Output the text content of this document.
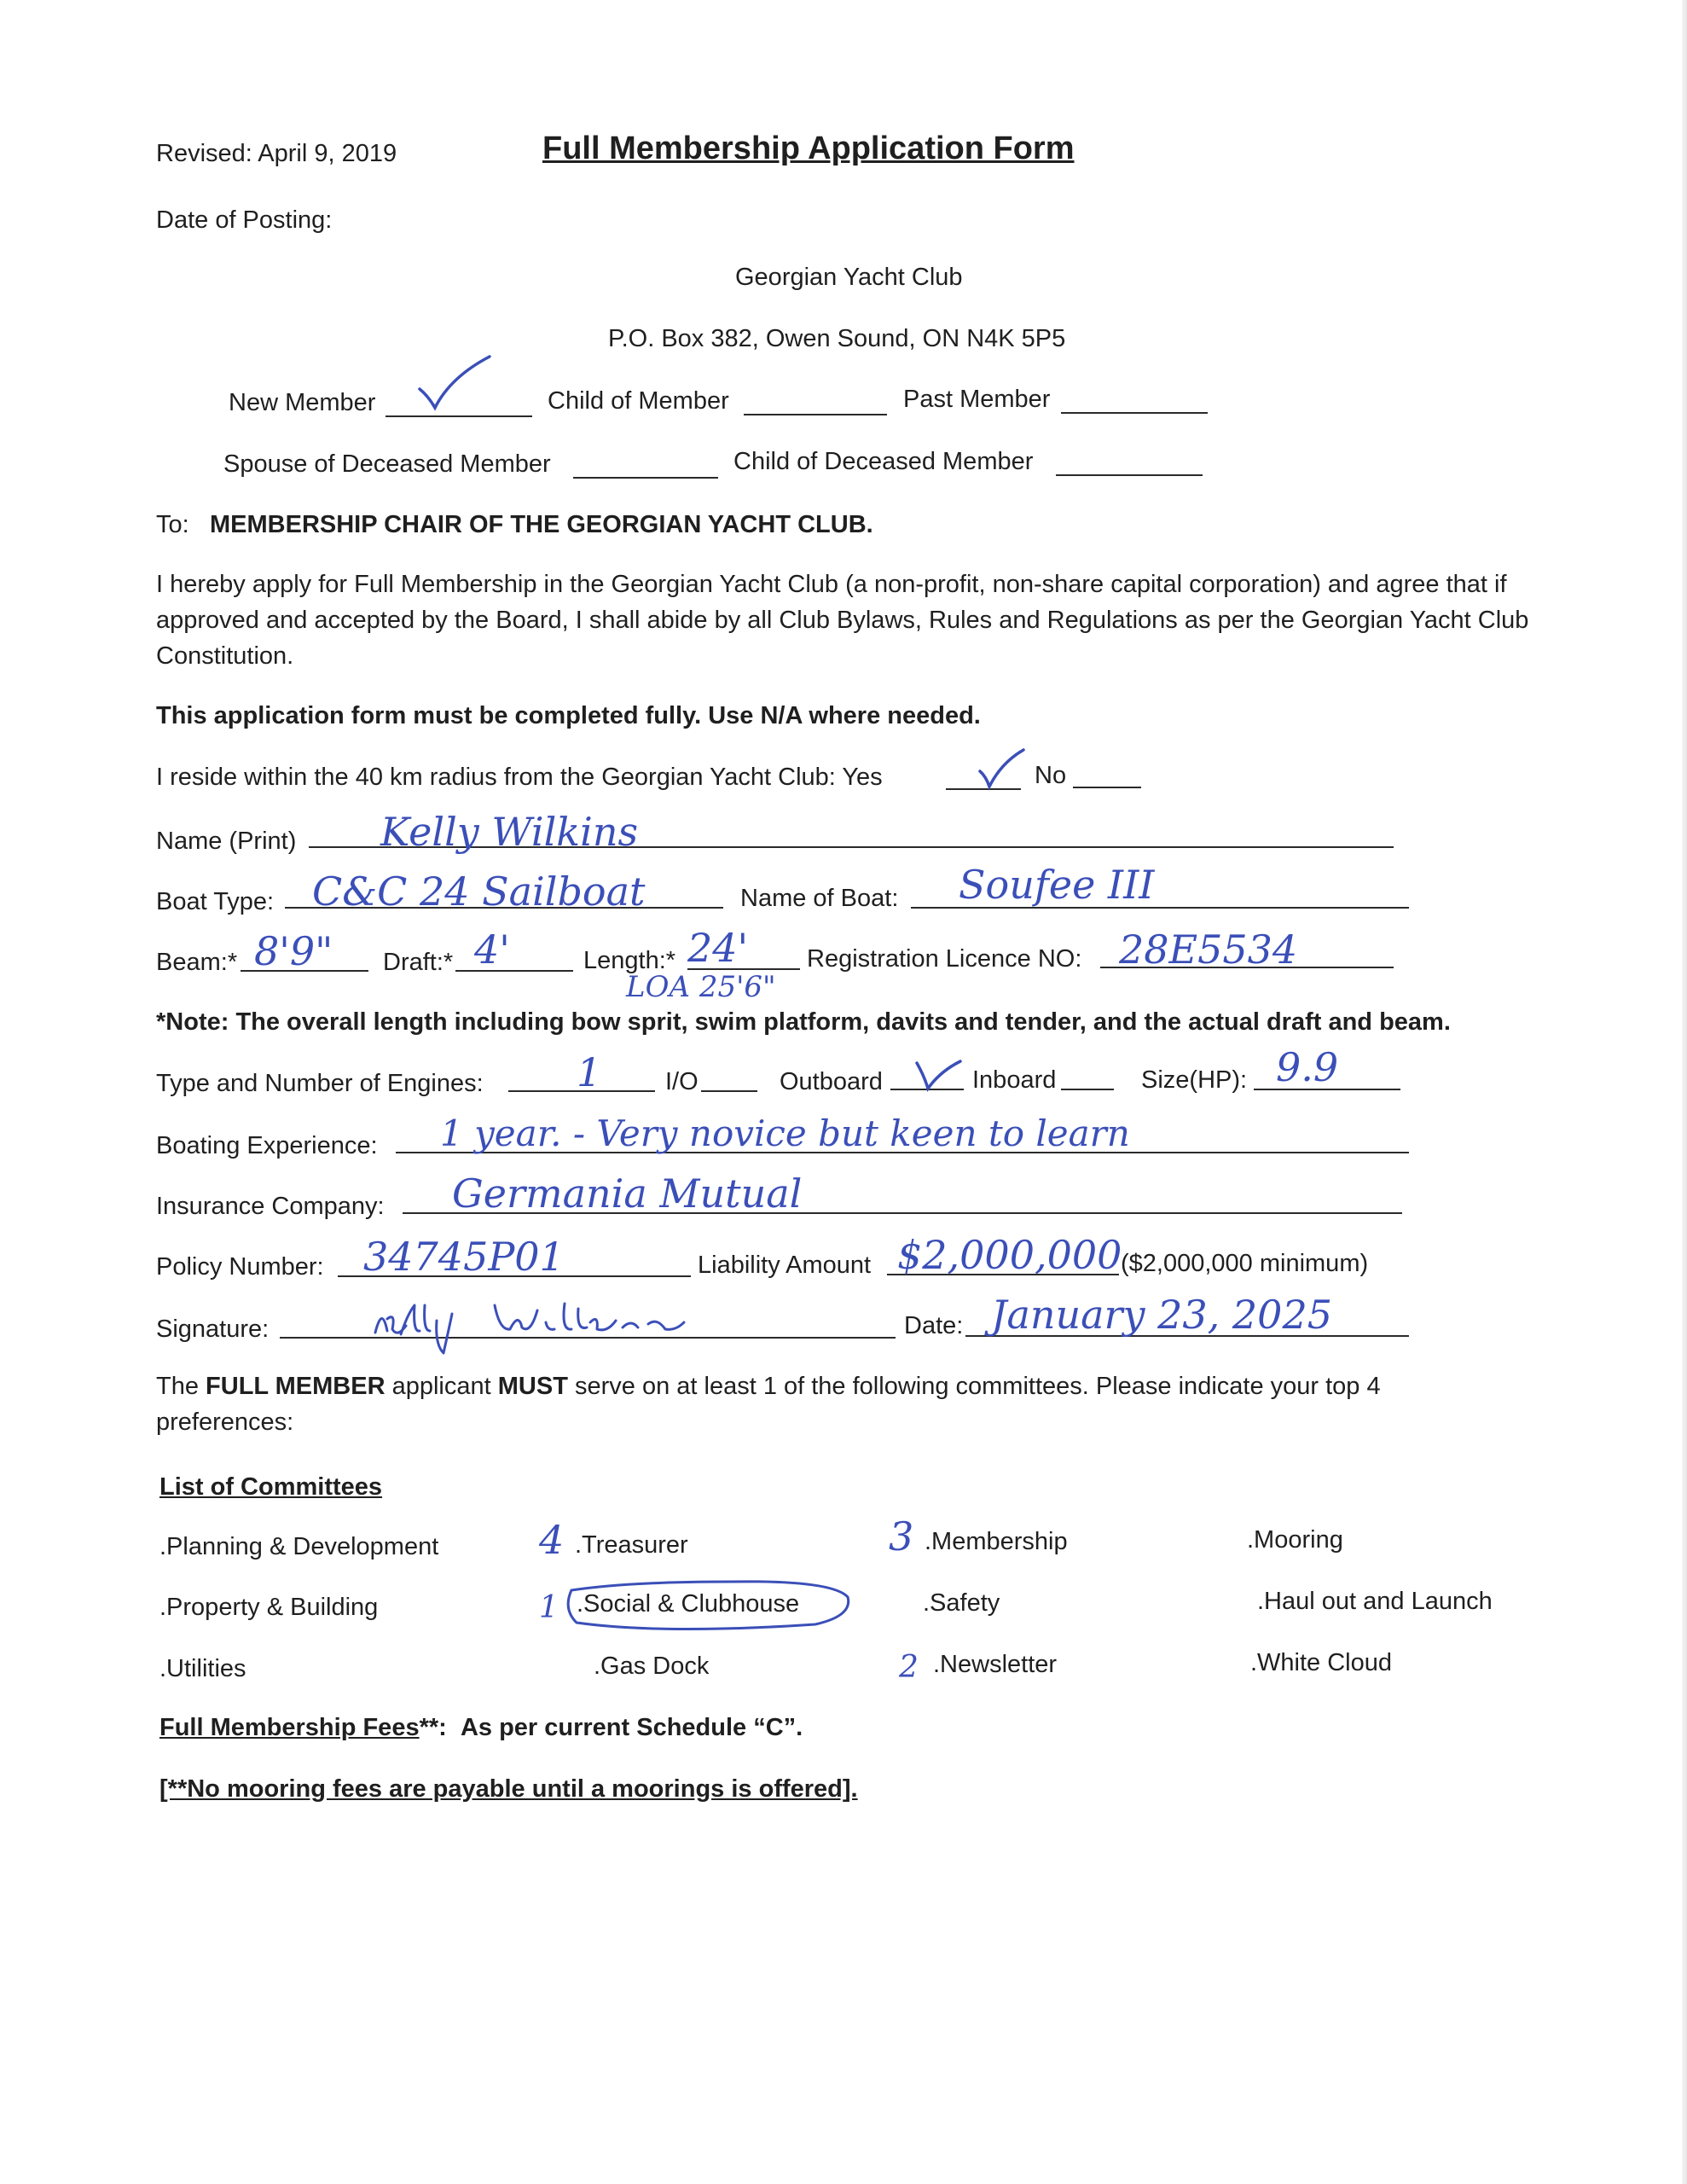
Revised: April 9, 2019	Full Membership Application Form
Date of Posting:
Georgian Yacht Club
P.O. Box 382, Owen Sound, ON N4K 5P5
New Member	Child of Member	Past Member
Spouse of Deceased Member	Child of Deceased Member
To: MEMBERSHIP CHAIR OF THE GEORGIAN YACHT CLUB.
I hereby apply for Full Membership in the Georgian Yacht Club (a non-profit, non-share capital corporation) and agree that if approved and accepted by the Board, I shall abide by all Club Bylaws, Rules and Regulations as per the Georgian Yacht Club Constitution.
This application form must be completed fully. Use N/A where needed.
I reside within the 40 km radius from the Georgian Yacht Club: Yes	No
Name (Print) Kelly Wilkins
Boat Type: C&C 24 Sailboat	Name of Boat: Soufee III
Beam:* 8'9" Draft:* 4'	Length:* 24'
LOA 25'6"
Registration Licence NO: 28E5534
*Note: The overall length including bow sprit, swim platform, davits and tender, and the actual draft and beam.
Type and Number of Engines: 1	I/O	Outboard	Inboard	Size(HP): 9.9
Boating Experience: 1 year. - Very novice but keen to learn
Insurance Company: Germania Mutual
Policy Number: 34745P01	Liability Amount $2,000,000
($2,000,000 minimum)
Signature:	Date: January 23, 2025
The FULL MEMBER applicant MUST serve on at least 1 of the following committees. Please indicate your top 4 preferences:
List of Committees
.Planning & Development	4 .Treasurer	3 .Membership	.Mooring
.Property & Building	1 .Social & Clubhouse	.Safety	.Haul out and Launch
.Utilities	.Gas Dock	2 .Newsletter	.White Cloud
Full Membership Fees**: As per current Schedule “C”.
[**No mooring fees are payable until a moorings is offered].
